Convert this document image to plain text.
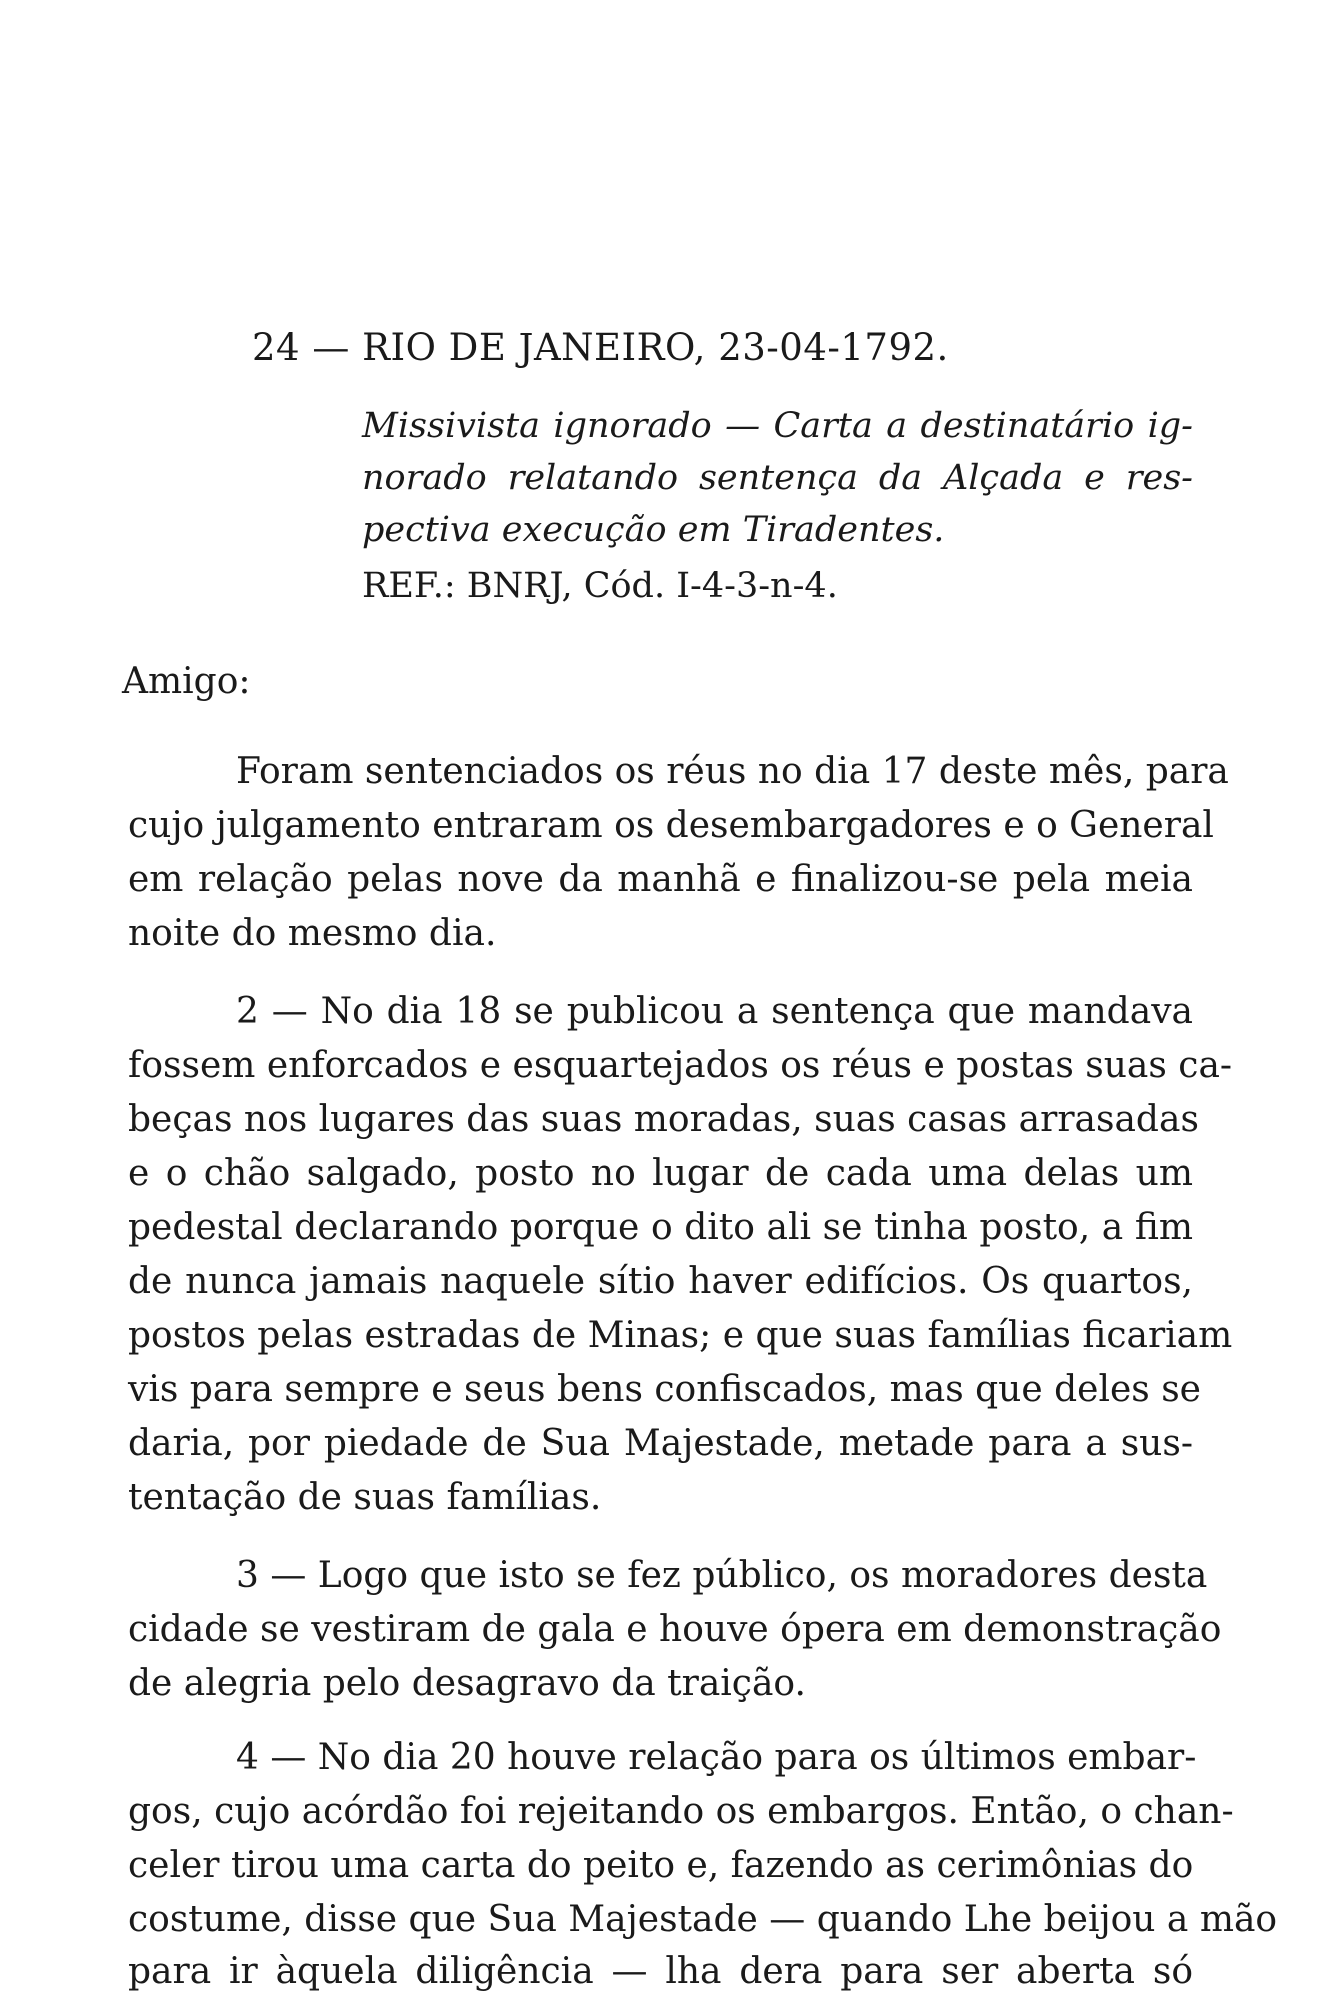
24 — RIO DE JANEIRO, 23-04-1792.
Missivista ignorado — Carta a destinatário ig-
norado relatando sentença da Alçada e res-
pectiva execução em Tiradentes.
REF.: BNRJ, Cód. I-4-3-n-4.
Amigo:
Foram sentenciados os réus no dia 17 deste mês, para
cujo julgamento entraram os desembargadores e o General
em relação pelas nove da manhã e finalizou-se pela meia
noite do mesmo dia.
2 — No dia 18 se publicou a sentença que mandava
fossem enforcados e esquartejados os réus e postas suas ca-
beças nos lugares das suas moradas, suas casas arrasadas
e o chão salgado, posto no lugar de cada uma delas um
pedestal declarando porque o dito ali se tinha posto, a fim
de nunca jamais naquele sítio haver edifícios. Os quartos,
postos pelas estradas de Minas; e que suas famílias ficariam
vis para sempre e seus bens confiscados, mas que deles se
daria, por piedade de Sua Majestade, metade para a sus-
tentação de suas famílias.
3 — Logo que isto se fez público, os moradores desta
cidade se vestiram de gala e houve ópera em demonstração
de alegria pelo desagravo da traição.
4 — No dia 20 houve relação para os últimos embar-
gos, cujo acórdão foi rejeitando os embargos. Então, o chan-
celer tirou uma carta do peito e, fazendo as cerimônias do
costume, disse que Sua Majestade — quando Lhe beijou a mão
para ir àquela diligência — lha dera para ser aberta só
